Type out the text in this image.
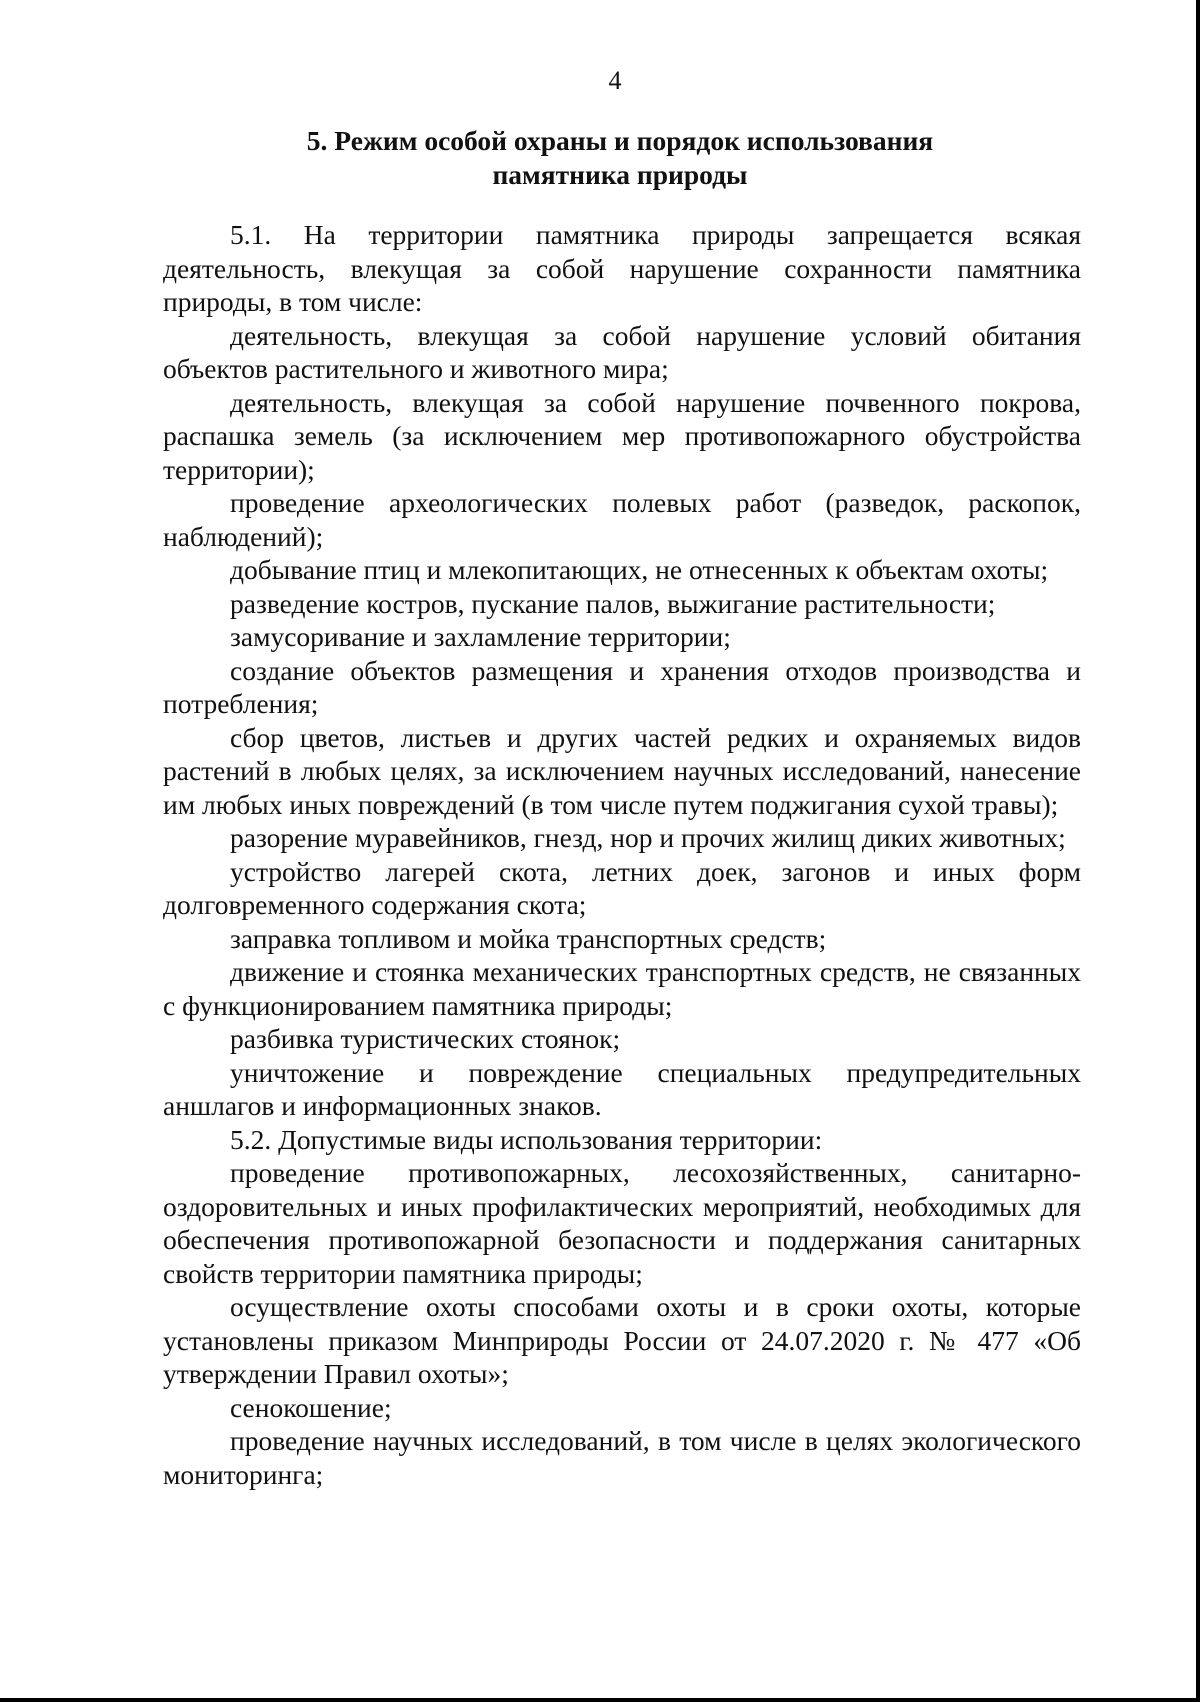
4
5. Режим особой охраны и порядок использования
памятника природы

5.1. На территории памятника природы запрещается всякая деятельность, влекущая за собой нарушение сохранности памятника природы, в том числе:

деятельность, влекущая за собой нарушение условий обитания объектов растительного и животного мира;

деятельность, влекущая за собой нарушение почвенного покрова, распашка земель (за исключением мер противопожарного обустройства территории);

проведение археологических полевых работ (разведок, раскопок, наблюдений);

добывание птиц и млекопитающих, не отнесенных к объектам охоты;

разведение костров, пускание палов, выжигание растительности;

замусоривание и захламление территории;

создание объектов размещения и хранения отходов производства и потребления;

сбор цветов, листьев и других частей редких и охраняемых видов растений в любых целях, за исключением научных исследований, нанесение им любых иных повреждений (в том числе путем поджигания сухой травы);

разорение муравейников, гнезд, нор и прочих жилищ диких животных;

устройство лагерей скота, летних доек, загонов и иных форм долговременного содержания скота;

заправка топливом и мойка транспортных средств;

движение и стоянка механических транспортных средств, не связанных с функционированием памятника природы;

разбивка туристических стоянок;

уничтожение и повреждение специальных предупредительных аншлагов и информационных знаков.

5.2. Допустимые виды использования территории:

проведение противопожарных, лесохозяйственных, санитарно-оздоровительных и иных профилактических мероприятий, необходимых для обеспечения противопожарной безопасности и поддержания санитарных свойств территории памятника природы;

осуществление охоты способами охоты и в сроки охоты, которые установлены приказом Минприроды России от 24.07.2020 г. № 477 «Об утверждении Правил охоты»;

сенокошение;

проведение научных исследований, в том числе в целях экологического мониторинга;
